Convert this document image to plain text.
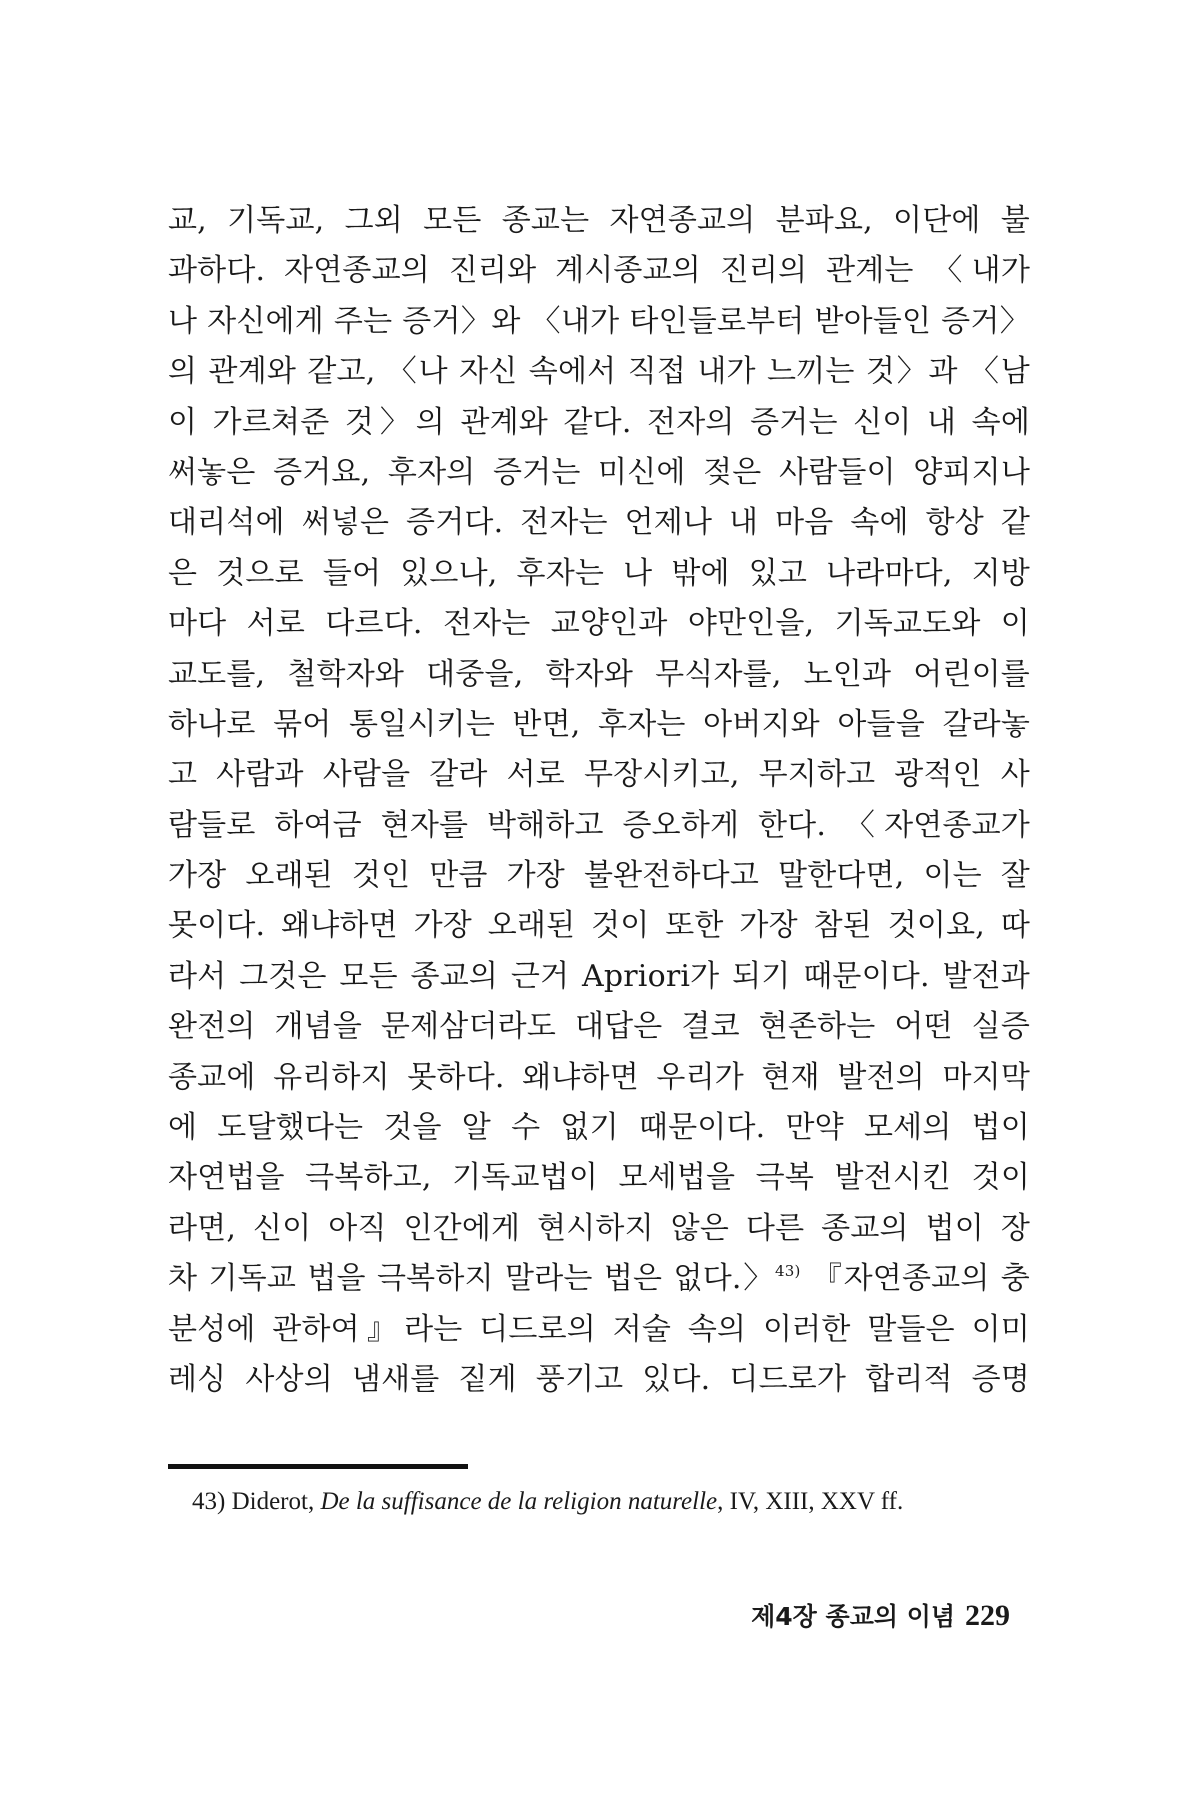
교, 기독교, 그외 모든 종교는 자연종교의 분파요, 이단에 불
과하다. 자연종교의 진리와 계시종교의 진리의 관계는 〈내가
나 자신에게 주는 증거〉와 〈내가 타인들로부터 받아들인 증거〉
의 관계와 같고, 〈나 자신 속에서 직접 내가 느끼는 것〉과 〈남
이 가르쳐준 것〉의 관계와 같다. 전자의 증거는 신이 내 속에
써놓은 증거요, 후자의 증거는 미신에 젖은 사람들이 양피지나
대리석에 써넣은 증거다. 전자는 언제나 내 마음 속에 항상 같
은 것으로 들어 있으나, 후자는 나 밖에 있고 나라마다, 지방
마다 서로 다르다. 전자는 교양인과 야만인을, 기독교도와 이
교도를, 철학자와 대중을, 학자와 무식자를, 노인과 어린이를
하나로 묶어 통일시키는 반면, 후자는 아버지와 아들을 갈라놓
고 사람과 사람을 갈라 서로 무장시키고, 무지하고 광적인 사
람들로 하여금 현자를 박해하고 증오하게 한다. 〈자연종교가
가장 오래된 것인 만큼 가장 불완전하다고 말한다면, 이는 잘
못이다. 왜냐하면 가장 오래된 것이 또한 가장 참된 것이요, 따
라서 그것은 모든 종교의 근거 Apriori가 되기 때문이다. 발전과
완전의 개념을 문제삼더라도 대답은 결코 현존하는 어떤 실증
종교에 유리하지 못하다. 왜냐하면 우리가 현재 발전의 마지막
에 도달했다는 것을 알 수 없기 때문이다. 만약 모세의 법이
자연법을 극복하고, 기독교법이 모세법을 극복 발전시킨 것이
라면, 신이 아직 인간에게 현시하지 않은 다른 종교의 법이 장
차 기독교 법을 극복하지 말라는 법은 없다.〉$^{43)}$ 『자연종교의 충
분성에 관하여』라는 디드로의 저술 속의 이러한 말들은 이미
레싱 사상의 냄새를 짙게 풍기고 있다. 디드로가 합리적 증명
43) Diderot, De la suffisance de la religion naturelle, IV, XIII, XXV ff.
제4장 종교의 이념 229
